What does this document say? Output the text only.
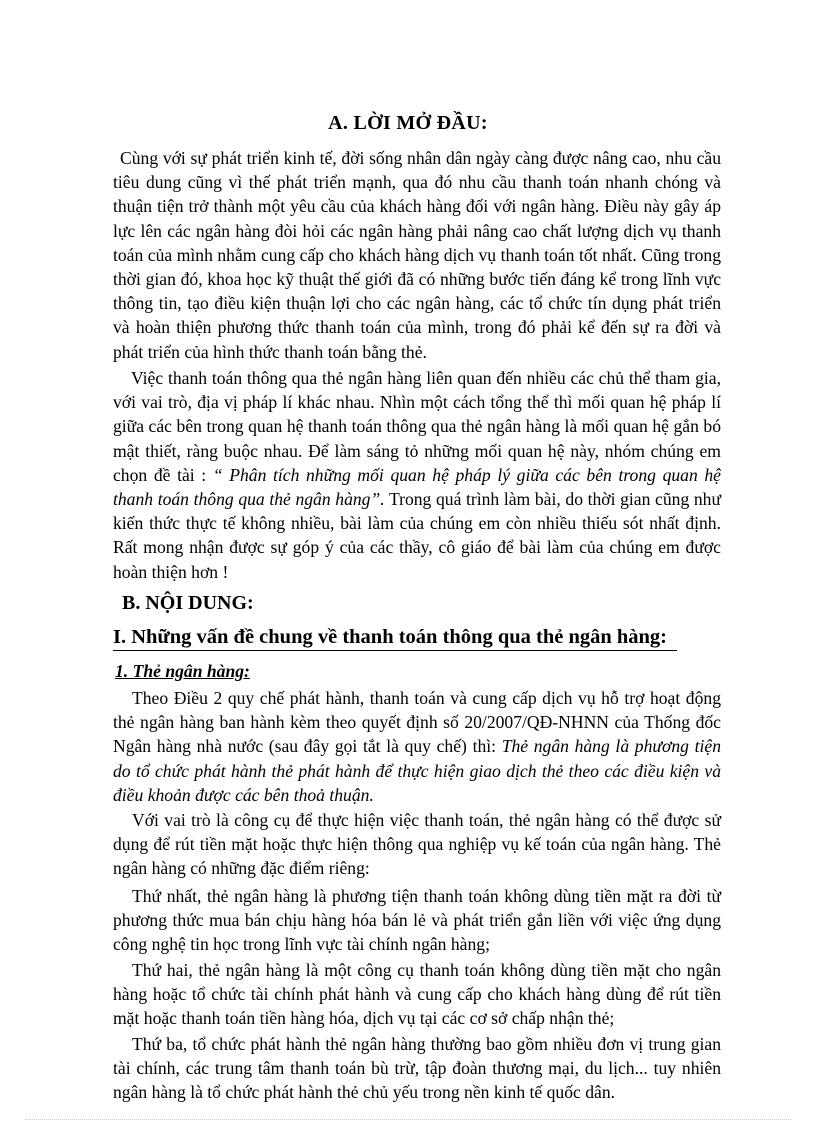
A. LỜI MỞ ĐẦU:

Cùng với sự phát triển kinh tế, đời sống nhân dân ngày càng được nâng cao, nhu cầu tiêu dung cũng vì thế phát triển mạnh, qua đó nhu cầu thanh toán nhanh chóng và thuận tiện trở thành một yêu cầu của khách hàng đối với ngân hàng. Điều này gây áp lực lên các ngân hàng đòi hỏi các ngân hàng phải nâng cao chất lượng dịch vụ thanh toán của mình nhằm cung cấp cho khách hàng dịch vụ thanh toán tốt nhất. Cũng trong thời gian đó, khoa học kỹ thuật thế giới đã có những bước tiến đáng kể trong lĩnh vực thông tin, tạo điều kiện thuận lợi cho các ngân hàng, các tổ chức tín dụng phát triển và hoàn thiện phương thức thanh toán của mình, trong đó phải kể đến sự ra đời và phát triển của hình thức thanh toán bằng thẻ.

Việc thanh toán thông qua thẻ ngân hàng liên quan đến nhiều các chủ thể tham gia, với vai trò, địa vị pháp lí khác nhau. Nhìn một cách tổng thể thì mối quan hệ pháp lí giữa các bên trong quan hệ thanh toán thông qua thẻ ngân hàng là mối quan hệ gắn bó mật thiết, ràng buộc nhau. Để làm sáng tỏ những mối quan hệ này, nhóm chúng em chọn đề tài : “ Phân tích những mối quan hệ pháp lý giữa các bên trong quan hệ thanh toán thông qua thẻ ngân hàng”. Trong quá trình làm bài, do thời gian cũng như kiến thức thực tế không nhiều, bài làm của chúng em còn nhiều thiếu sót nhất định. Rất mong nhận được sự góp ý của các thầy, cô giáo để bài làm của chúng em được hoàn thiện hơn !

B. NỘI DUNG:
I. Những vấn đề chung về thanh toán thông qua thẻ ngân hàng:
1. Thẻ ngân hàng:

Theo Điều 2 quy chế phát hành, thanh toán và cung cấp dịch vụ hỗ trợ hoạt động thẻ ngân hàng ban hành kèm theo quyết định số 20/2007/QĐ-NHNN của Thống đốc Ngân hàng nhà nước (sau đây gọi tắt là quy chế) thì: Thẻ ngân hàng là phương tiện do tổ chức phát hành thẻ phát hành để thực hiện giao dịch thẻ theo các điều kiện và điều khoản được các bên thoả thuận.

Với vai trò là công cụ để thực hiện việc thanh toán, thẻ ngân hàng có thể được sử dụng để rút tiền mặt hoặc thực hiện thông qua nghiệp vụ kế toán của ngân hàng. Thẻ ngân hàng có những đặc điểm riêng:

Thứ nhất, thẻ ngân hàng là phương tiện thanh toán không dùng tiền mặt ra đời từ phương thức mua bán chịu hàng hóa bán lẻ và phát triển gắn liền với việc ứng dụng công nghệ tin học trong lĩnh vực tài chính ngân hàng;

Thứ hai, thẻ ngân hàng là một công cụ thanh toán không dùng tiền mặt cho ngân hàng hoặc tổ chức tài chính phát hành và cung cấp cho khách hàng dùng để rút tiền mặt hoặc thanh toán tiền hàng hóa, dịch vụ tại các cơ sở chấp nhận thẻ;

Thứ ba, tổ chức phát hành thẻ ngân hàng thường bao gồm nhiều đơn vị trung gian tài chính, các trung tâm thanh toán bù trừ, tập đoàn thương mại, du lịch... tuy nhiên ngân hàng là tổ chức phát hành thẻ chủ yếu trong nền kinh tế quốc dân.
